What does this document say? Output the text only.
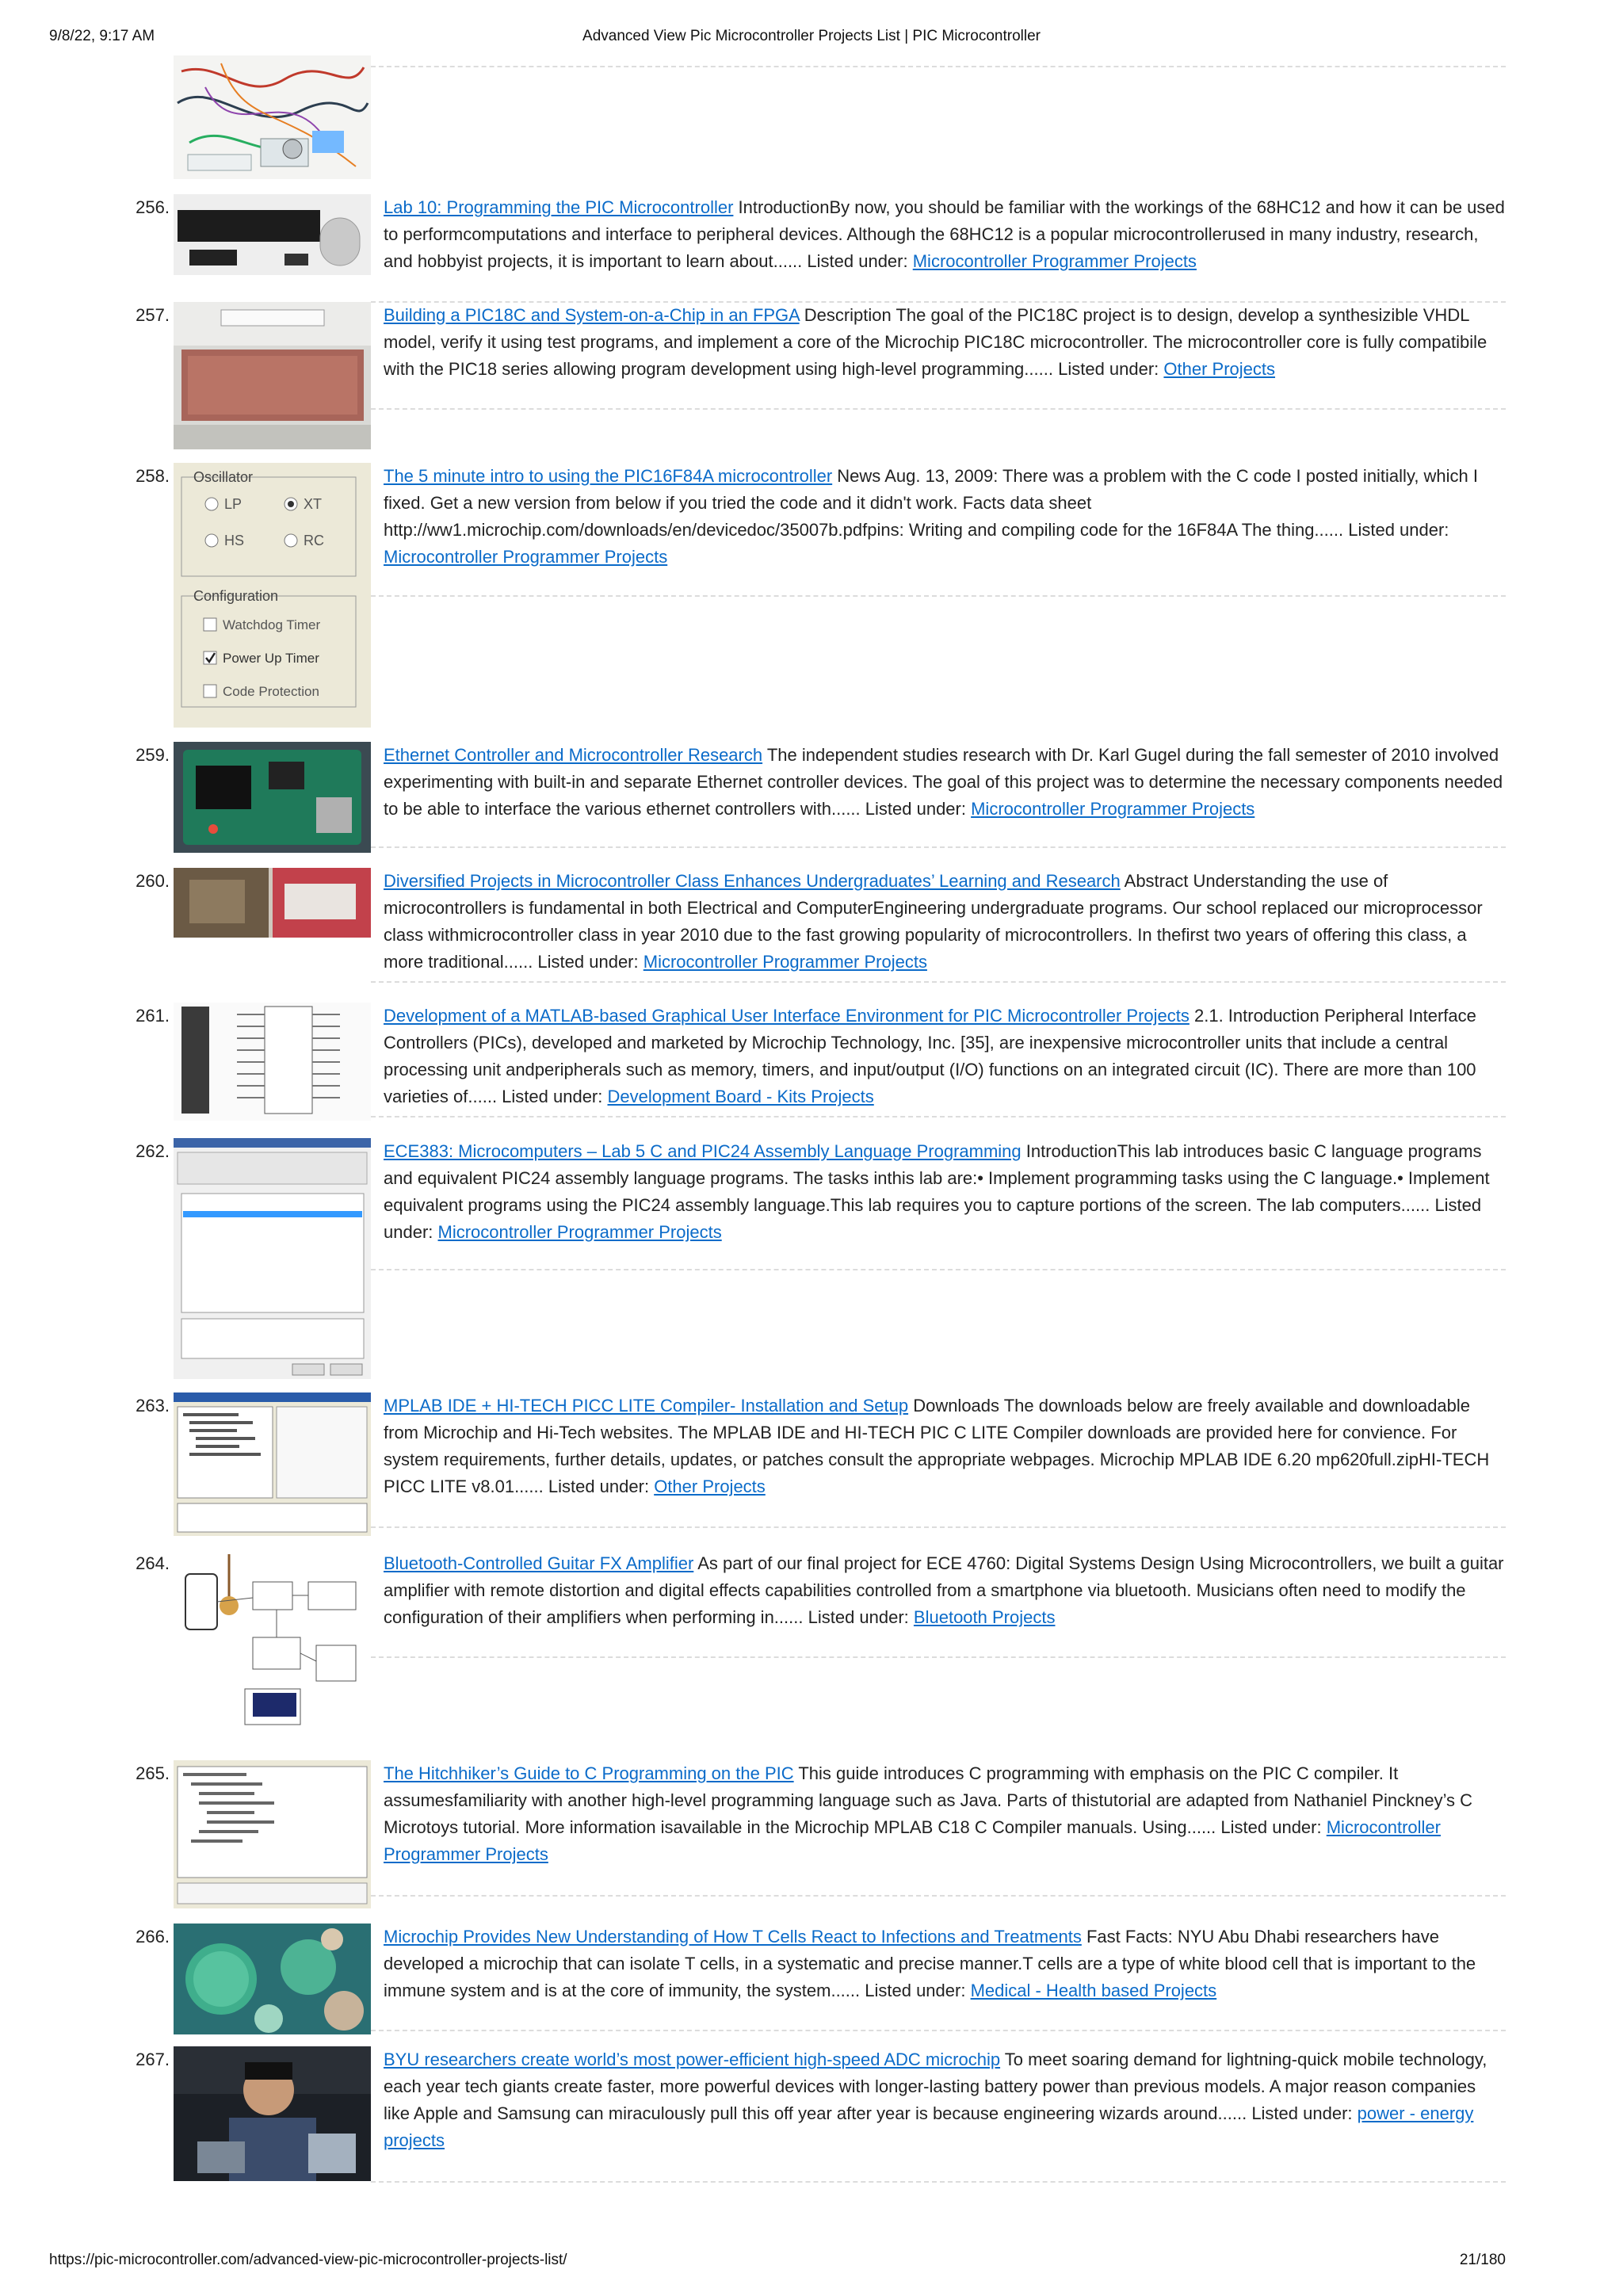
9/8/22, 9:17 AM	Advanced View Pic Microcontroller Projects List | PIC Microcontroller
256.	Lab 10: Programming the PIC Microcontroller IntroductionBy now, you should be familiar with the workings of the 68HC12 and how it can be used to performcomputations and interface to peripheral devices. Although the 68HC12 is a popular microcontrollerused in many industry, research, and hobbyist projects, it is important to learn about...... Listed under: Microcontroller Programmer Projects
257.	Building a PIC18C and System-on-a-Chip in an FPGA Description The goal of the PIC18C project is to design, develop a synthesizible VHDL model, verify it using test programs, and implement a core of the Microchip PIC18C microcontroller. The microcontroller core is fully compatibile with the PIC18 series allowing program development using high-level programming...... Listed under: Other Projects
258. Oscillator
LP	XT
HS	RC
Configuration
Watchdog Timer
Power Up Timer
Code Protection
The 5 minute intro to using the PIC16F84A microcontroller News Aug. 13, 2009: There was a problem with the C code I posted initially, which I fixed. Get a new version from below if you tried the code and it didn't work. Facts data sheet http://ww1.microchip.com/downloads/en/devicedoc/35007b.pdfpins: Writing and compiling code for the 16F84A The thing...... Listed under: Microcontroller Programmer Projects
259.	Ethernet Controller and Microcontroller Research The independent studies research with Dr. Karl Gugel during the fall semester of 2010 involved experimenting with built-in and separate Ethernet controller devices. The goal of this project was to determine the necessary components needed to be able to interface the various ethernet controllers with...... Listed under: Microcontroller Programmer Projects
260.	Diversified Projects in Microcontroller Class Enhances Undergraduates’ Learning and Research Abstract Understanding the use of microcontrollers is fundamental in both Electrical and ComputerEngineering undergraduate programs. Our school replaced our microprocessor class withmicrocontroller class in year 2010 due to the fast growing popularity of microcontrollers. In thefirst two years of offering this class, a more traditional...... Listed under: Microcontroller Programmer Projects
261.	Development of a MATLAB-based Graphical User Interface Environment for PIC Microcontroller Projects 2.1. Introduction Peripheral Interface Controllers (PICs), developed and marketed by Microchip Technology, Inc. [35], are inexpensive microcontroller units that include a central processing unit andperipherals such as memory, timers, and input/output (I/O) functions on an integrated circuit (IC). There are more than 100 varieties of...... Listed under: Development Board - Kits Projects
262.	ECE383: Microcomputers – Lab 5 C and PIC24 Assembly Language Programming IntroductionThis lab introduces basic C language programs and equivalent PIC24 assembly language programs. The tasks inthis lab are:• Implement programming tasks using the C language.• Implement equivalent programs using the PIC24 assembly language.This lab requires you to capture portions of the screen. The lab computers...... Listed under: Microcontroller Programmer Projects
263.	MPLAB IDE + HI-TECH PICC LITE Compiler- Installation and Setup Downloads The downloads below are freely available and downloadable from Microchip and Hi-Tech websites. The MPLAB IDE and HI-TECH PIC C LITE Compiler downloads are provided here for convience. For system requirements, further details, updates, or patches consult the appropriate webpages. Microchip MPLAB IDE 6.20 mp620full.zipHI-TECH PICC LITE v8.01...... Listed under: Other Projects
264.	Bluetooth-Controlled Guitar FX Amplifier As part of our final project for ECE 4760: Digital Systems Design Using Microcontrollers, we built a guitar amplifier with remote distortion and digital effects capabilities controlled from a smartphone via bluetooth. Musicians often need to modify the configuration of their amplifiers when performing in...... Listed under: Bluetooth Projects
265.	The Hitchhiker’s Guide to C Programming on the PIC This guide introduces C programming with emphasis on the PIC C compiler. It assumesfamiliarity with another high-level programming language such as Java. Parts of thistutorial are adapted from Nathaniel Pinckney’s C Microtoys tutorial. More information isavailable in the Microchip MPLAB C18 C Compiler manuals. Using...... Listed under: Microcontroller Programmer Projects
266.	Microchip Provides New Understanding of How T Cells React to Infections and Treatments Fast Facts: NYU Abu Dhabi researchers have developed a microchip that can isolate T cells, in a systematic and precise manner.T cells are a type of white blood cell that is important to the immune system and is at the core of immunity, the system...... Listed under: Medical - Health based Projects
267.	BYU researchers create world’s most power-efficient high-speed ADC microchip To meet soaring demand for lightning-quick mobile technology, each year tech giants create faster, more powerful devices with longer-lasting battery power than previous models. A major reason companies like Apple and Samsung can miraculously pull this off year after year is because engineering wizards around...... Listed under: power - energy projects
https://pic-microcontroller.com/advanced-view-pic-microcontroller-projects-list/	21/180
